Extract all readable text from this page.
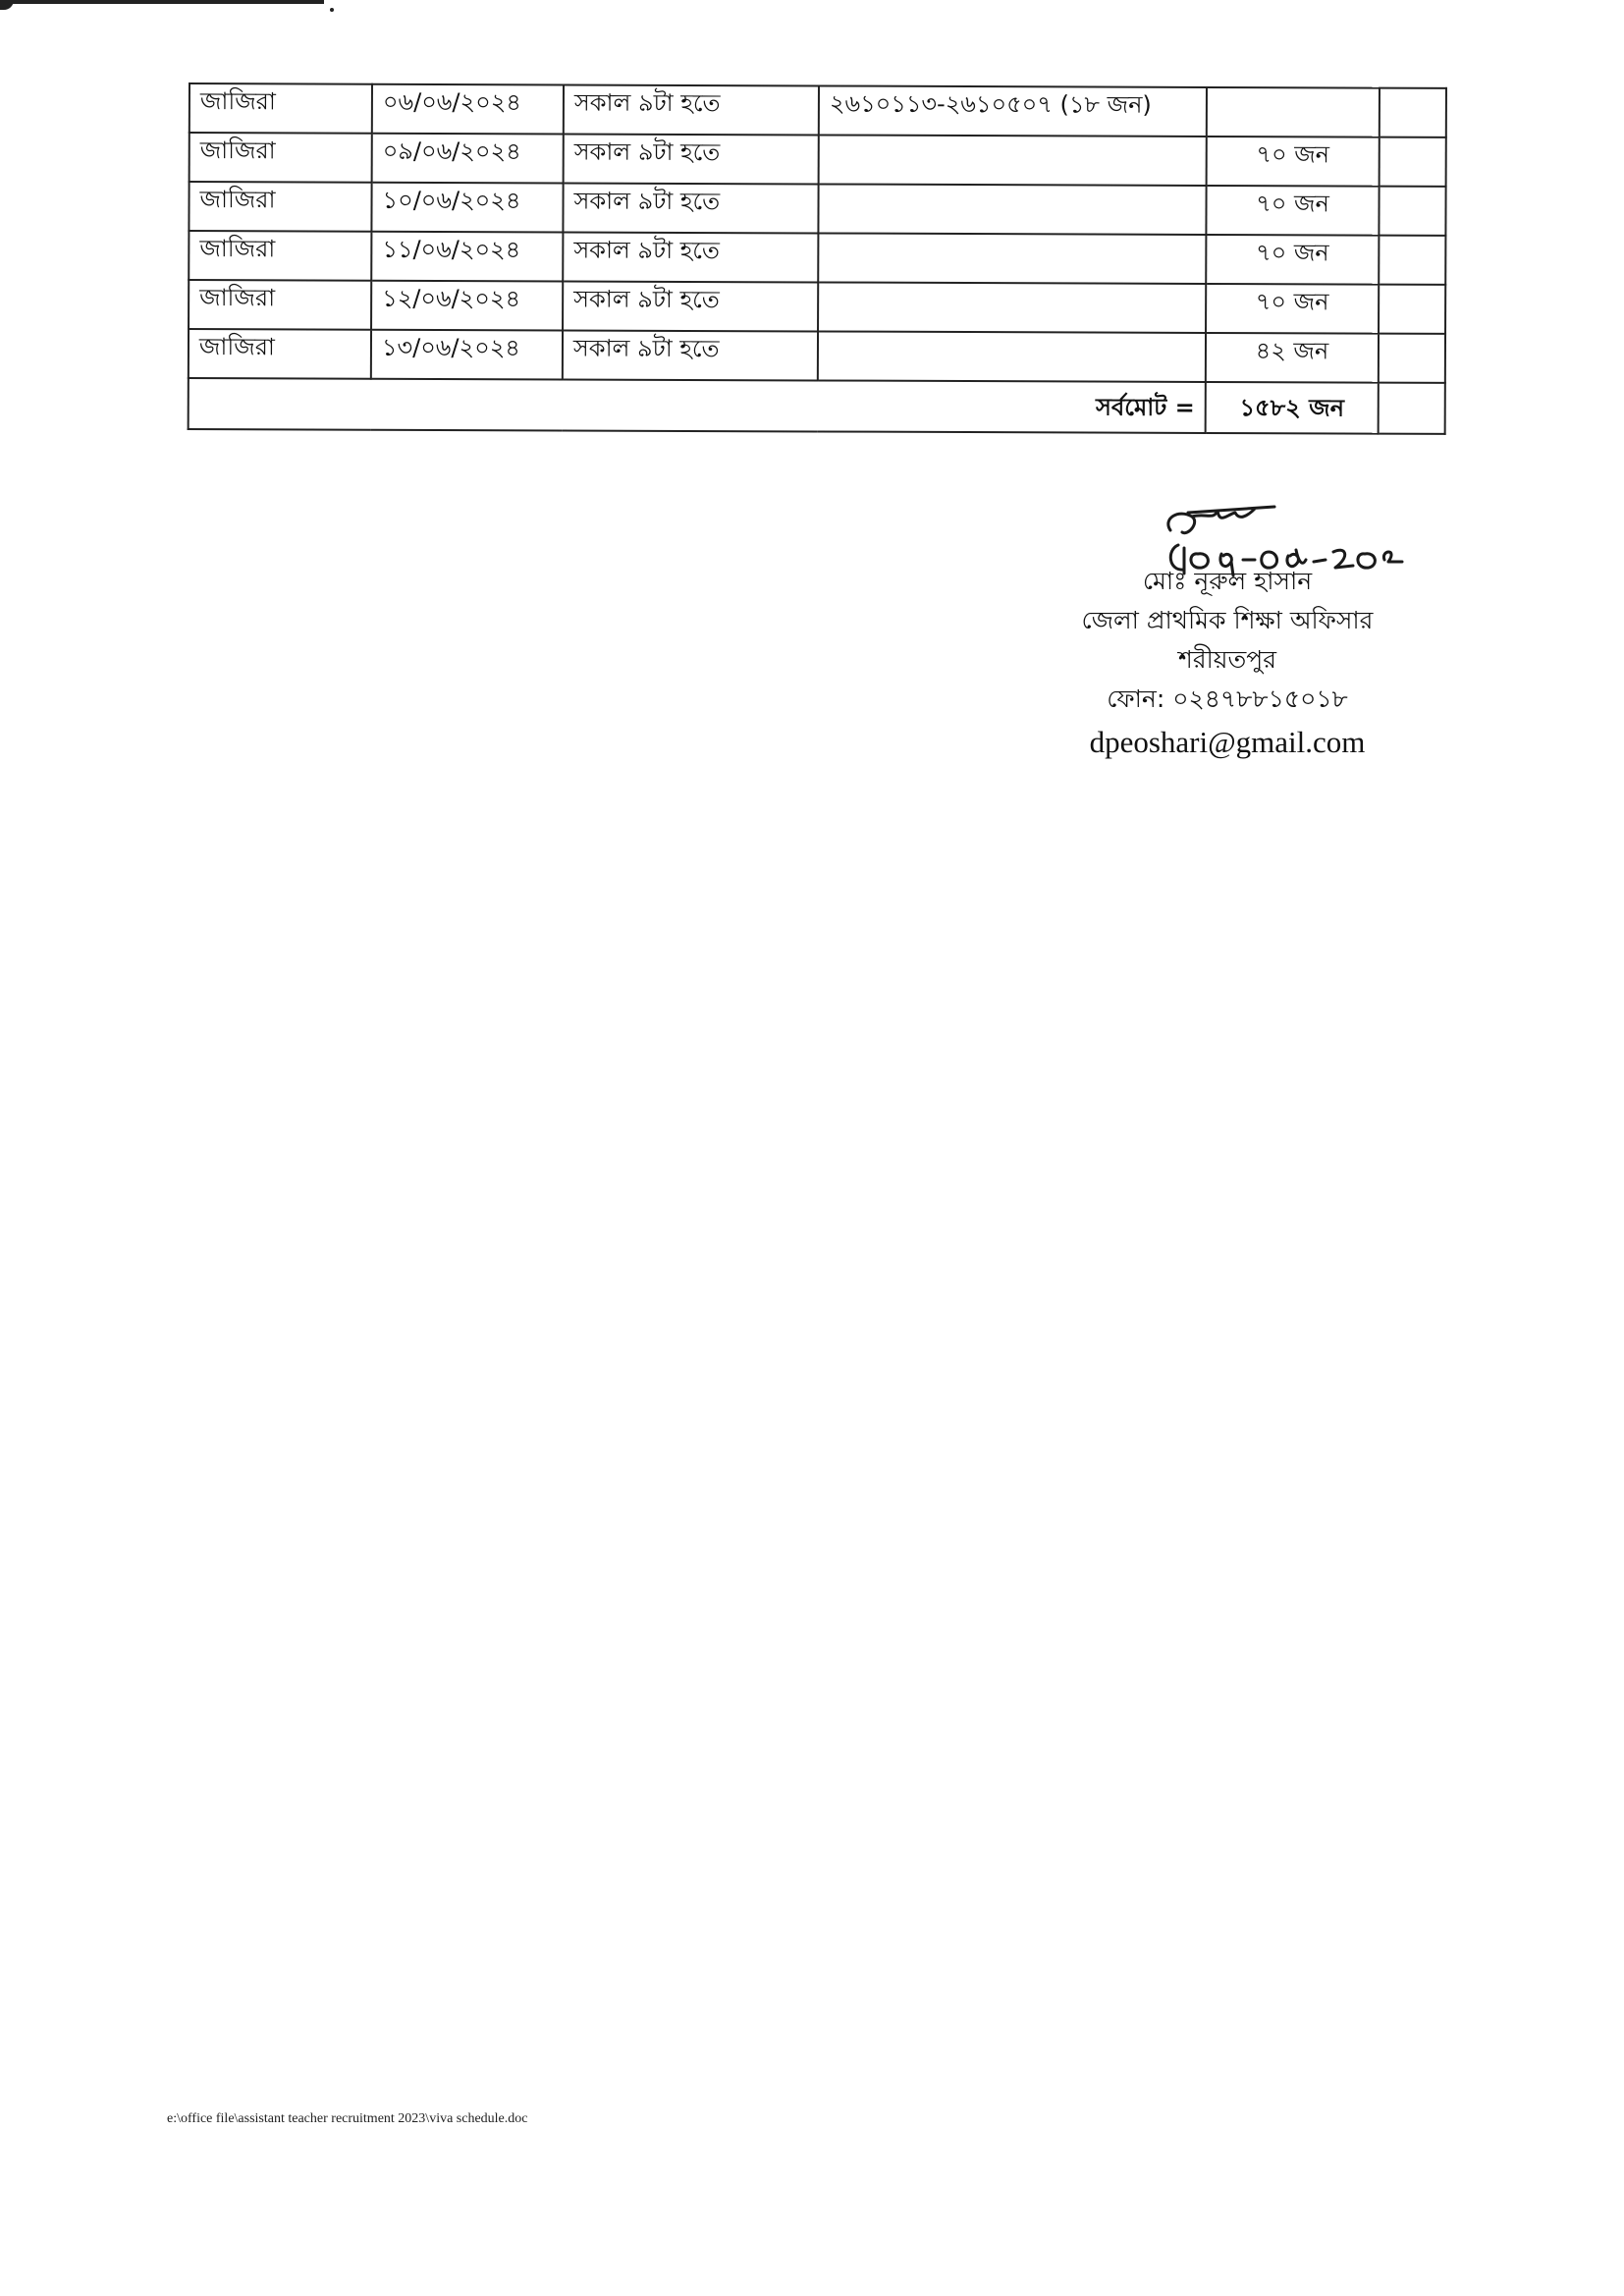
জাজিরা	০৬/০৬/২০২৪	সকাল ৯টা হতে	২৬১০১১৩-২৬১০৫০৭ (১৮ জন)		
জাজিরা	০৯/০৬/২০২৪	সকাল ৯টা হতে		৭০ জন	
জাজিরা	১০/০৬/২০২৪	সকাল ৯টা হতে		৭০ জন	
জাজিরা	১১/০৬/২০২৪	সকাল ৯টা হতে		৭০ জন	
জাজিরা	১২/০৬/২০২৪	সকাল ৯টা হতে		৭০ জন	
জাজিরা	১৩/০৬/২০২৪	সকাল ৯টা হতে		৪২ জন	
সর্বমোট =				১৫৮২ জন	
০৭-০৫-২০২৪
মোঃ নূরুল হাসান
জেলা প্রাথমিক শিক্ষা অফিসার
শরীয়তপুর
ফোন: ০২৪৭৮৮১৫০১৮
dpeoshari@gmail.com
e:\office file\assistant teacher recruitment 2023\viva schedule.doc
